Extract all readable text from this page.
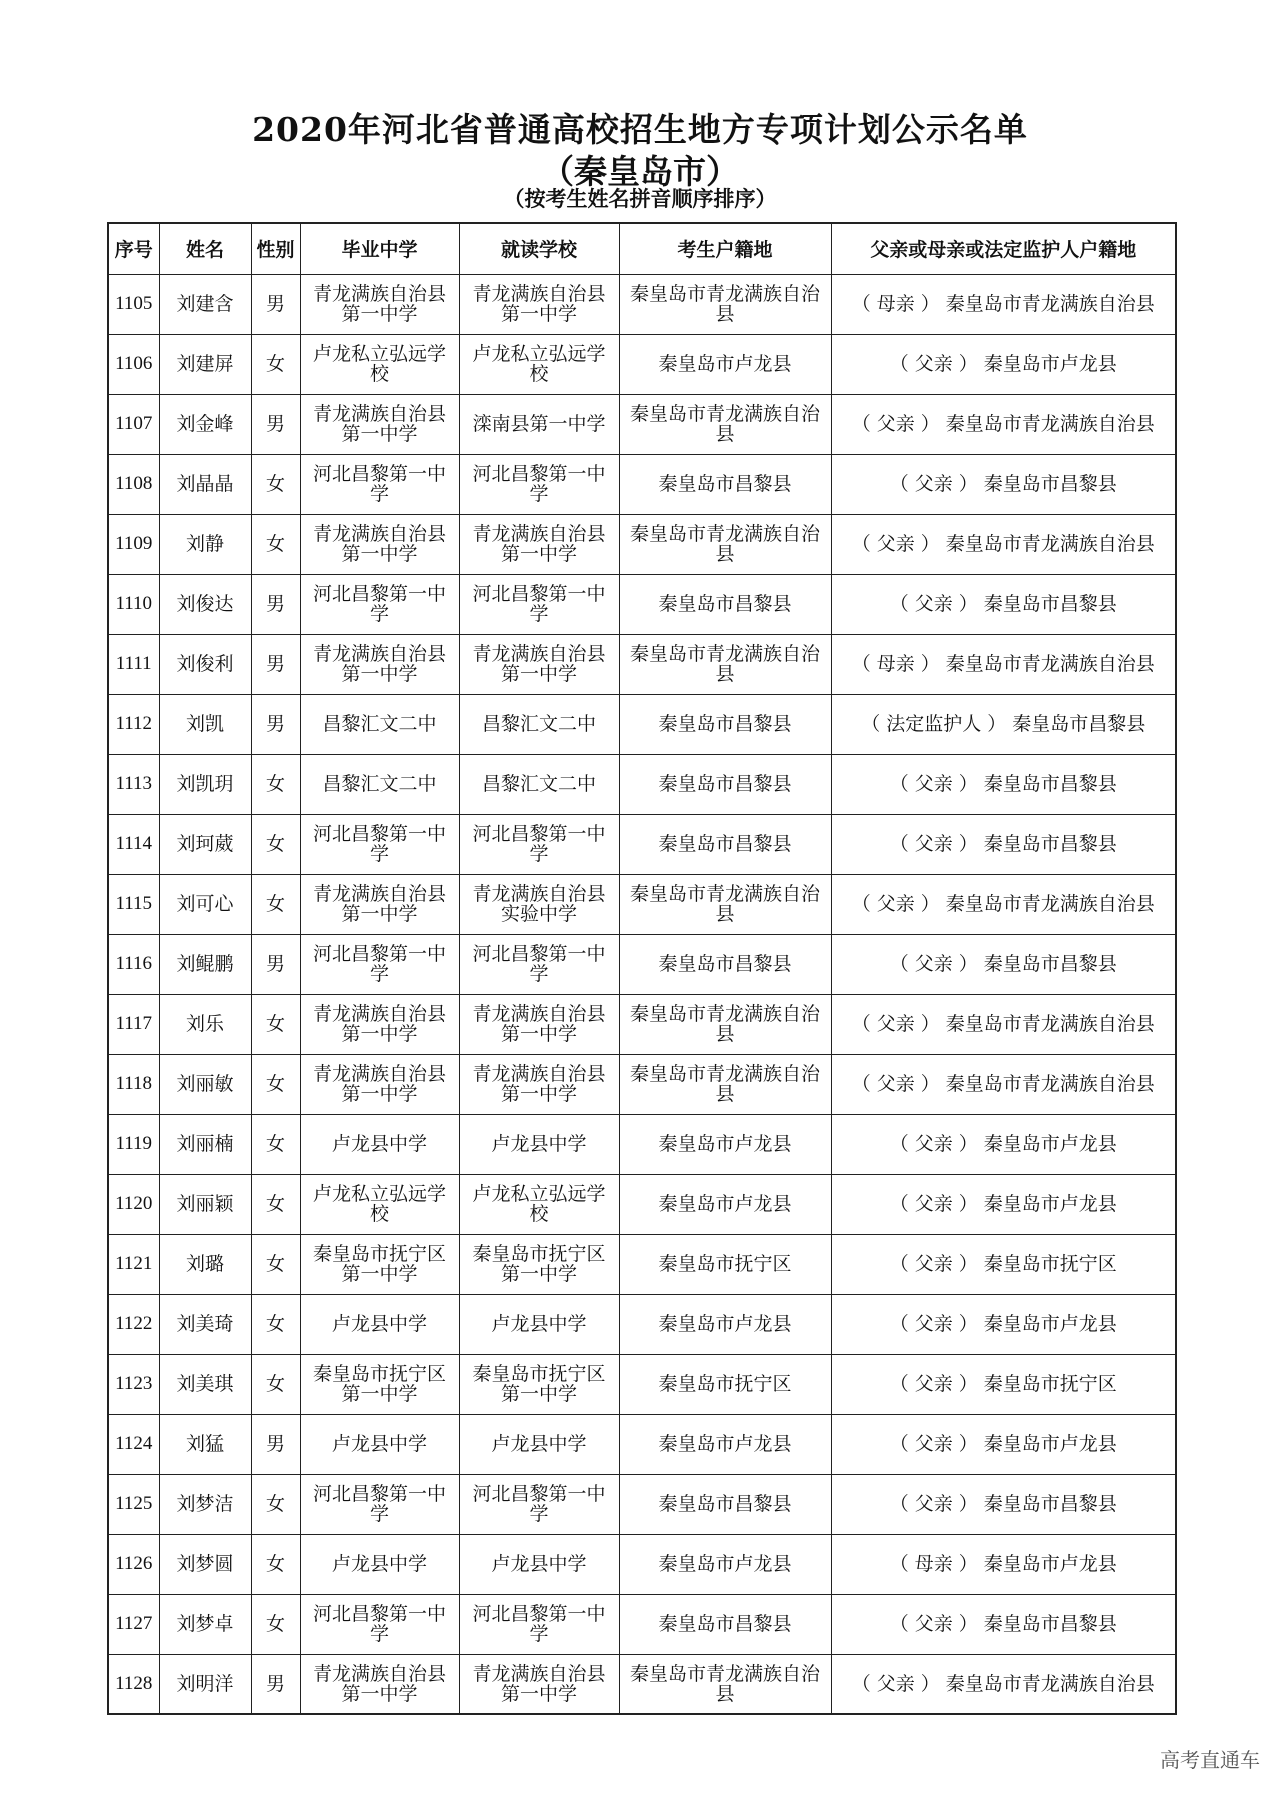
2020年河北省普通高校招生地方专项计划公示名单
（秦皇岛市）
（按考生姓名拼音顺序排序）
序号	姓名	性别	毕业中学	就读学校	考生户籍地	父亲或母亲或法定监护人户籍地
1105	刘建含	男	青龙满族自治县第一中学	青龙满族自治县第一中学	秦皇岛市青龙满族自治县	（ 母亲 ） 秦皇岛市青龙满族自治县
1106	刘建屏	女	卢龙私立弘远学校	卢龙私立弘远学校	秦皇岛市卢龙县	（ 父亲 ） 秦皇岛市卢龙县
1107	刘金峰	男	青龙满族自治县第一中学	滦南县第一中学	秦皇岛市青龙满族自治县	（ 父亲 ） 秦皇岛市青龙满族自治县
1108	刘晶晶	女	河北昌黎第一中学	河北昌黎第一中学	秦皇岛市昌黎县	（ 父亲 ） 秦皇岛市昌黎县
1109	刘静	女	青龙满族自治县第一中学	青龙满族自治县第一中学	秦皇岛市青龙满族自治县	（ 父亲 ） 秦皇岛市青龙满族自治县
1110	刘俊达	男	河北昌黎第一中学	河北昌黎第一中学	秦皇岛市昌黎县	（ 父亲 ） 秦皇岛市昌黎县
1111	刘俊利	男	青龙满族自治县第一中学	青龙满族自治县第一中学	秦皇岛市青龙满族自治县	（ 母亲 ） 秦皇岛市青龙满族自治县
1112	刘凯	男	昌黎汇文二中	昌黎汇文二中	秦皇岛市昌黎县	（ 法定监护人 ） 秦皇岛市昌黎县
1113	刘凯玥	女	昌黎汇文二中	昌黎汇文二中	秦皇岛市昌黎县	（ 父亲 ） 秦皇岛市昌黎县
1114	刘珂葳	女	河北昌黎第一中学	河北昌黎第一中学	秦皇岛市昌黎县	（ 父亲 ） 秦皇岛市昌黎县
1115	刘可心	女	青龙满族自治县第一中学	青龙满族自治县实验中学	秦皇岛市青龙满族自治县	（ 父亲 ） 秦皇岛市青龙满族自治县
1116	刘鲲鹏	男	河北昌黎第一中学	河北昌黎第一中学	秦皇岛市昌黎县	（ 父亲 ） 秦皇岛市昌黎县
1117	刘乐	女	青龙满族自治县第一中学	青龙满族自治县第一中学	秦皇岛市青龙满族自治县	（ 父亲 ） 秦皇岛市青龙满族自治县
1118	刘丽敏	女	青龙满族自治县第一中学	青龙满族自治县第一中学	秦皇岛市青龙满族自治县	（ 父亲 ） 秦皇岛市青龙满族自治县
1119	刘丽楠	女	卢龙县中学	卢龙县中学	秦皇岛市卢龙县	（ 父亲 ） 秦皇岛市卢龙县
1120	刘丽颖	女	卢龙私立弘远学校	卢龙私立弘远学校	秦皇岛市卢龙县	（ 父亲 ） 秦皇岛市卢龙县
1121	刘璐	女	秦皇岛市抚宁区第一中学	秦皇岛市抚宁区第一中学	秦皇岛市抚宁区	（ 父亲 ） 秦皇岛市抚宁区
1122	刘美琦	女	卢龙县中学	卢龙县中学	秦皇岛市卢龙县	（ 父亲 ） 秦皇岛市卢龙县
1123	刘美琪	女	秦皇岛市抚宁区第一中学	秦皇岛市抚宁区第一中学	秦皇岛市抚宁区	（ 父亲 ） 秦皇岛市抚宁区
1124	刘猛	男	卢龙县中学	卢龙县中学	秦皇岛市卢龙县	（ 父亲 ） 秦皇岛市卢龙县
1125	刘梦洁	女	河北昌黎第一中学	河北昌黎第一中学	秦皇岛市昌黎县	（ 父亲 ） 秦皇岛市昌黎县
1126	刘梦圆	女	卢龙县中学	卢龙县中学	秦皇岛市卢龙县	（ 母亲 ） 秦皇岛市卢龙县
1127	刘梦卓	女	河北昌黎第一中学	河北昌黎第一中学	秦皇岛市昌黎县	（ 父亲 ） 秦皇岛市昌黎县
1128	刘明洋	男	青龙满族自治县第一中学	青龙满族自治县第一中学	秦皇岛市青龙满族自治县	（ 父亲 ） 秦皇岛市青龙满族自治县
高考直通车
